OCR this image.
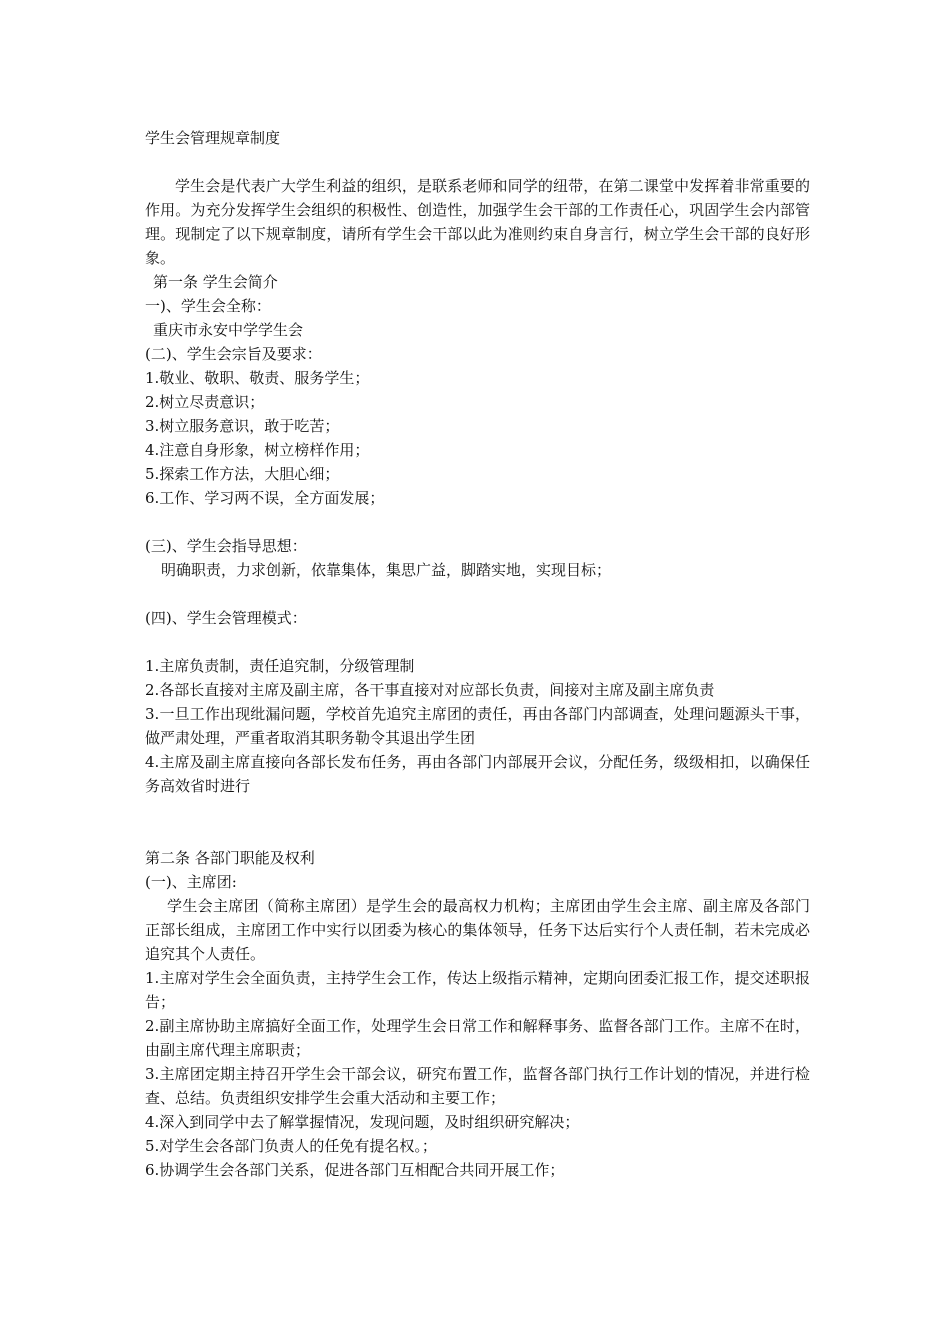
学生会管理规章制度
学生会是代表广大学生利益的组织，是联系老师和同学的纽带，在第二课堂中发挥着非常重要的作用。为充分发挥学生会组织的积极性、创造性，加强学生会干部的工作责任心，巩固学生会内部管理。现制定了以下规章制度，请所有学生会干部以此为准则约束自身言行，树立学生会干部的良好形象。
第一条 学生会简介
一)、学生会全称：
重庆市永安中学学生会
(二)、学生会宗旨及要求：
1.敬业、敬职、敬责、服务学生；
2.树立尽责意识；
3.树立服务意识，敢于吃苦；
4.注意自身形象，树立榜样作用；
5.探索工作方法，大胆心细；
6.工作、学习两不误，全方面发展；
(三)、学生会指导思想：
明确职责，力求创新，依靠集体，集思广益，脚踏实地，实现目标；
(四)、学生会管理模式：
1.主席负责制，责任追究制，分级管理制
2.各部长直接对主席及副主席，各干事直接对对应部长负责，间接对主席及副主席负责
3.一旦工作出现纰漏问题，学校首先追究主席团的责任，再由各部门内部调查，处理问题源头干事，做严肃处理，严重者取消其职务勒令其退出学生团
4.主席及副主席直接向各部长发布任务，再由各部门内部展开会议，分配任务，级级相扣，以确保任务高效省时进行
第二条 各部门职能及权利
(一)、主席团:
学生会主席团（简称主席团）是学生会的最高权力机构；主席团由学生会主席、副主席及各部门正部长组成，主席团工作中实行以团委为核心的集体领导，任务下达后实行个人责任制，若未完成必追究其个人责任。
1.主席对学生会全面负责，主持学生会工作，传达上级指示精神，定期向团委汇报工作，提交述职报告；
2.副主席协助主席搞好全面工作，处理学生会日常工作和解释事务、监督各部门工作。主席不在时，由副主席代理主席职责；
3.主席团定期主持召开学生会干部会议，研究布置工作，监督各部门执行工作计划的情况，并进行检查、总结。负责组织安排学生会重大活动和主要工作；
4.深入到同学中去了解掌握情况，发现问题，及时组织研究解决；
5.对学生会各部门负责人的任免有提名权。；
6.协调学生会各部门关系，促进各部门互相配合共同开展工作；
